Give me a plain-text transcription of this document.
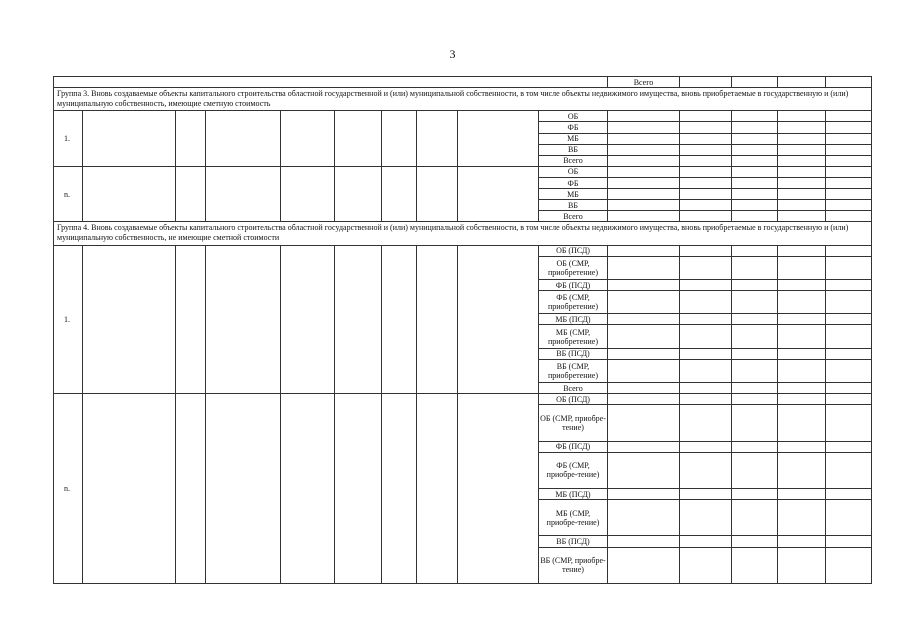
3
										Всего				
Группа 3. Вновь создаваемые объекты капитального строительства областной государственной и (или) муниципальной собственности, в том числе объекты недвижимого имущества, вновь приобретаемые в государственную и (или) муниципальную собственность, имеющие сметную стоимость														
1.									ОБ					
									ФБ					
									МБ					
									ВБ					
									Всего					
n.									ОБ					
									ФБ					
									МБ					
									ВБ					
									Всего					
Группа 4. Вновь создаваемые объекты капитального строительства областной государственной и (или) муниципальной собственности, в том числе объекты недвижимого имущества, вновь приобретаемые в государственную и (или) муниципальную собственность, не имеющие сметной стоимости														
1.									ОБ (ПСД)					
									ОБ (СМР, приобретение)					
									ФБ (ПСД)					
									ФБ (СМР, приобретение)					
									МБ (ПСД)					
									МБ (СМР, приобретение)					
									ВБ (ПСД)					
									ВБ (СМР, приобретение)					
									Всего					
n.									ОБ (ПСД)					
									ОБ (СМР, приобре-тение)					
									ФБ (ПСД)					
									ФБ (СМР, приобре-тение)					
									МБ (ПСД)					
									МБ (СМР, приобре-тение)					
									ВБ (ПСД)					
									ВБ (СМР, приобре-тение)					
